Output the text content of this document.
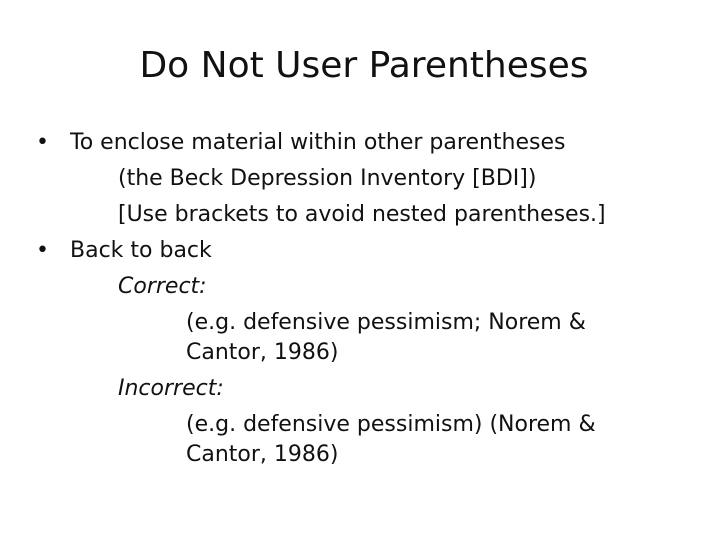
Do Not User Parentheses
• To enclose material within other parentheses
(the Beck Depression Inventory [BDI])
[Use brackets to avoid nested parentheses.]
• Back to back
Correct:
(e.g. defensive pessimism; Norem &
Cantor, 1986)
Incorrect:
(e.g. defensive pessimism) (Norem &
Cantor, 1986)
